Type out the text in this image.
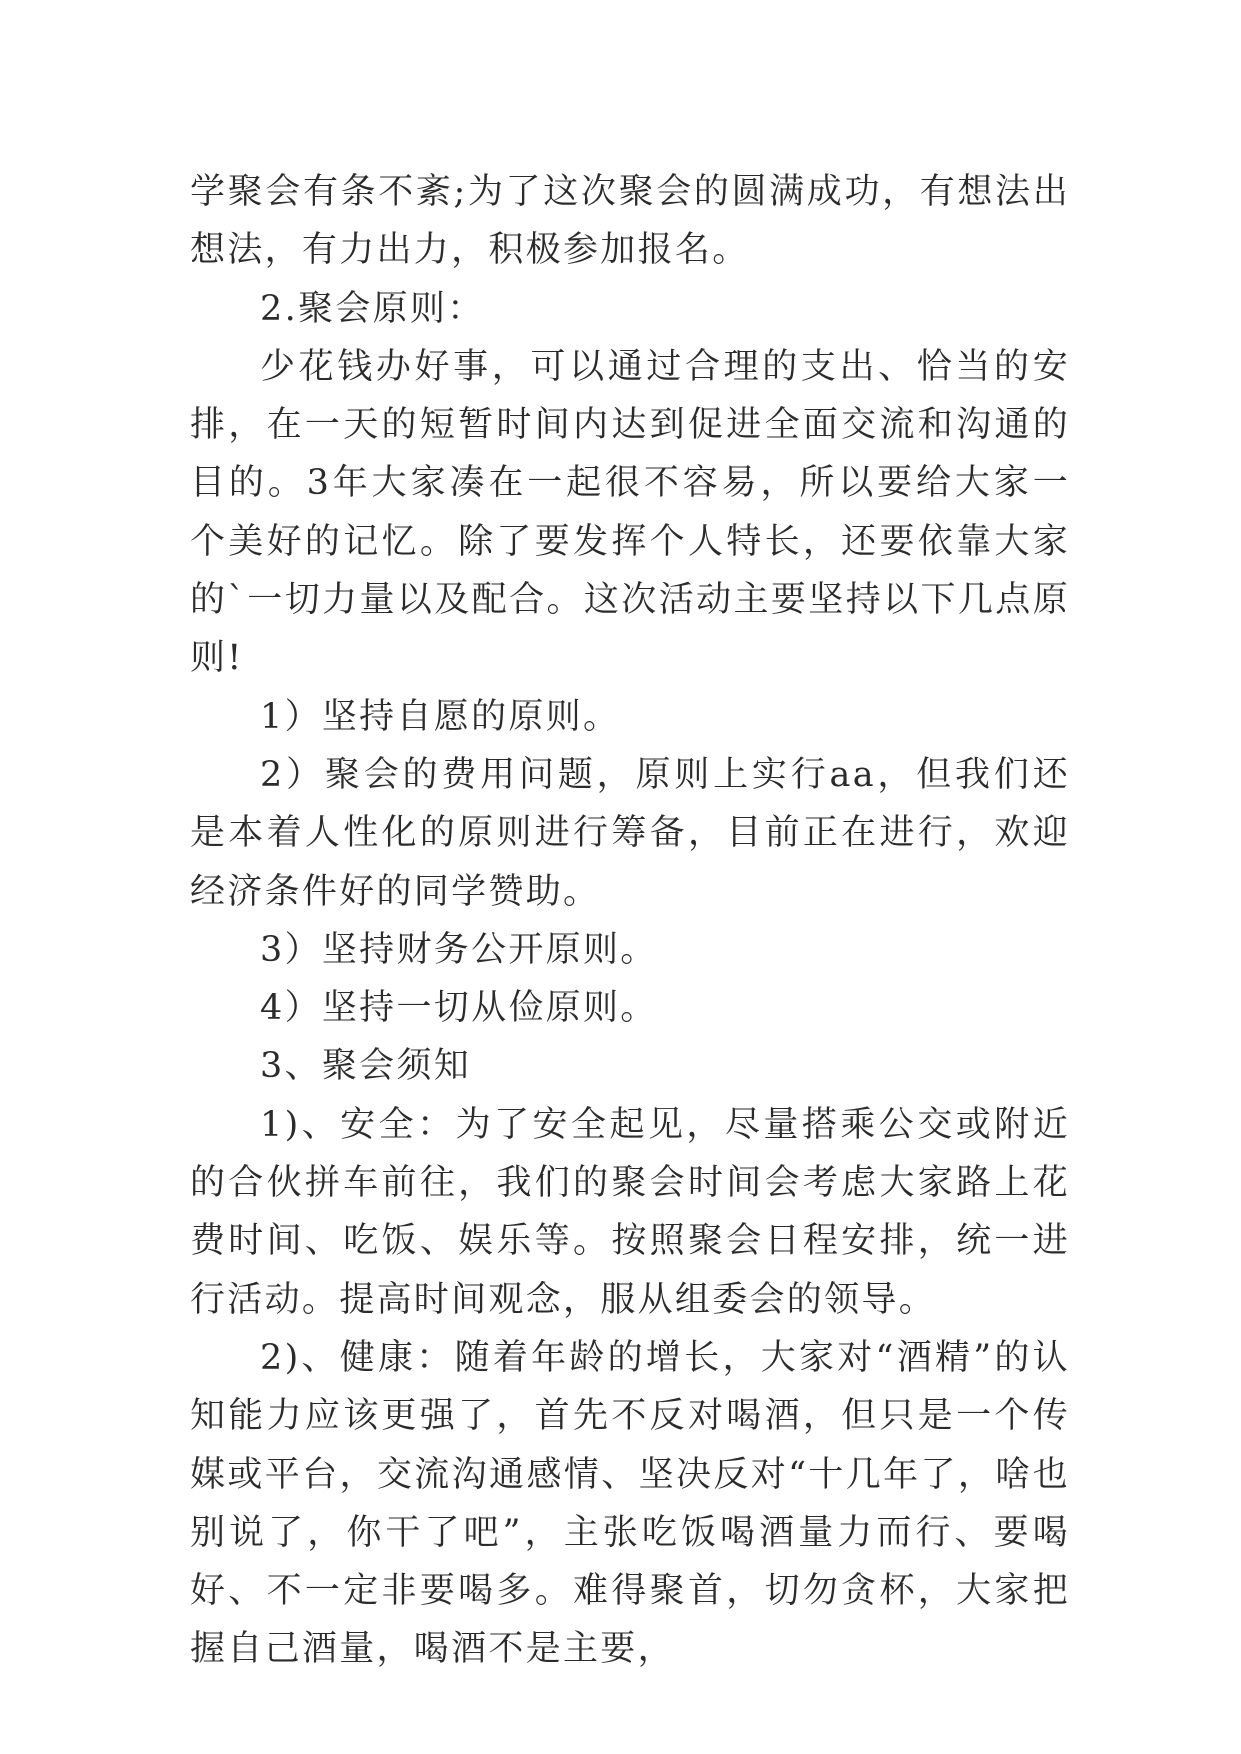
学聚会有条不紊;为了这次聚会的圆满成功，有想法出想法，有力出力，积极参加报名。

2.聚会原则：

少花钱办好事，可以通过合理的支出、恰当的安排，在一天的短暂时间内达到促进全面交流和沟通的目的。3年大家凑在一起很不容易，所以要给大家一个美好的记忆。除了要发挥个人特长，还要依靠大家的`一切力量以及配合。这次活动主要坚持以下几点原则!

1）坚持自愿的原则。

2）聚会的费用问题，原则上实行aa，但我们还是本着人性化的原则进行筹备，目前正在进行，欢迎经济条件好的同学赞助。

3）坚持财务公开原则。

4）坚持一切从俭原则。

3、聚会须知

1)、安全：为了安全起见，尽量搭乘公交或附近的合伙拼车前往，我们的聚会时间会考虑大家路上花费时间、吃饭、娱乐等。按照聚会日程安排，统一进行活动。提高时间观念，服从组委会的领导。

2)、健康：随着年龄的增长，大家对“酒精”的认知能力应该更强了，首先不反对喝酒，但只是一个传媒或平台，交流沟通感情、坚决反对“十几年了，啥也别说了，你干了吧”，主张吃饭喝酒量力而行、要喝好、不一定非要喝多。难得聚首，切勿贪杯，大家把握自己酒量，喝酒不是主要，
